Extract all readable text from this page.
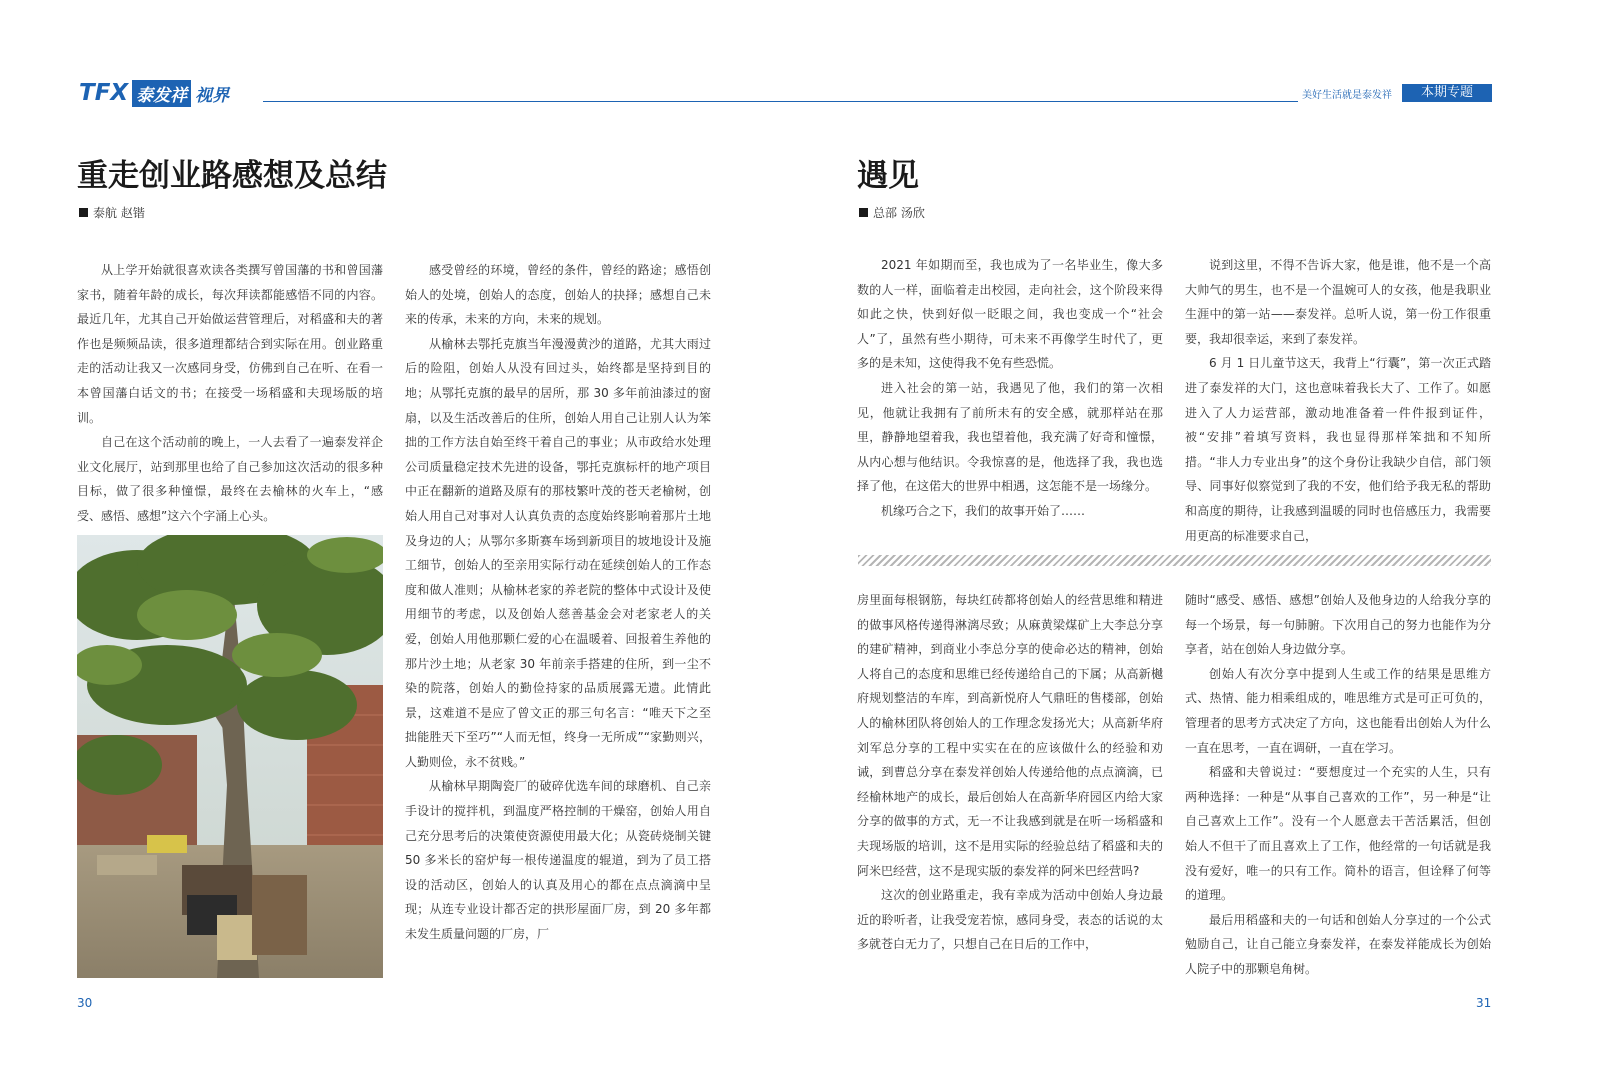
TFX 泰发祥 视界	美好生活就是泰发祥	本期专题
重走创业路感想及总结
泰航 赵锴

从上学开始就很喜欢读各类撰写曾国藩的书和曾国藩家书，随着年龄的成长，每次拜读都能感悟不同的内容。最近几年，尤其自己开始做运营管理后，对稻盛和夫的著作也是频频品读，很多道理都结合到实际在用。创业路重走的活动让我又一次感同身受，仿佛到自己在听、在看一本曾国藩白话文的书；在接受一场稻盛和夫现场版的培训。

自己在这个活动前的晚上，一人去看了一遍泰发祥企业文化展厅，站到那里也给了自己参加这次活动的很多种目标，做了很多种憧憬，最终在去榆林的火车上，“感受、感悟、感想”这六个字涌上心头。

感受曾经的环境，曾经的条件，曾经的路途；感悟创始人的处境，创始人的态度，创始人的抉择；感想自己未来的传承，未来的方向，未来的规划。

从榆林去鄂托克旗当年漫漫黄沙的道路，尤其大雨过后的险阻，创始人从没有回过头，始终都是坚持到目的地；从鄂托克旗的最早的居所，那 30 多年前油漆过的窗扇，以及生活改善后的住所，创始人用自己让别人认为笨拙的工作方法自始至终干着自己的事业；从市政给水处理公司质量稳定技术先进的设备，鄂托克旗标杆的地产项目中正在翻新的道路及原有的那枝繁叶茂的苍天老榆树，创始人用自己对事对人认真负责的态度始终影响着那片土地及身边的人；从鄂尔多斯赛车场到新项目的坡地设计及施工细节，创始人的至亲用实际行动在延续创始人的工作态度和做人准则；从榆林老家的养老院的整体中式设计及使用细节的考虑，以及创始人慈善基金会对老家老人的关爱，创始人用他那颗仁爱的心在温暖着、回报着生养他的那片沙土地；从老家 30 年前亲手搭建的住所，到一尘不染的院落，创始人的勤俭持家的品质展露无遗。此情此景，这难道不是应了曾文正的那三句名言：“唯天下之至拙能胜天下至巧”“人而无恒，终身一无所成”“家勤则兴，人勤则俭，永不贫贱。”

从榆林早期陶瓷厂的破碎优选车间的球磨机、自己亲手设计的搅拌机，到温度严格控制的干燥窑，创始人用自己充分思考后的决策使资源使用最大化；从瓷砖烧制关键 50 多米长的窑炉每一根传递温度的辊道，到为了员工搭设的活动区，创始人的认真及用心的都在点点滴滴中呈现；从连专业设计都否定的拱形屋面厂房，到 20 多年都未发生质量问题的厂房，厂

遇见
总部 汤欣

2021 年如期而至，我也成为了一名毕业生，像大多数的人一样，面临着走出校园，走向社会，这个阶段来得如此之快，快到好似一眨眼之间，我也变成一个“社会人”了，虽然有些小期待，可未来不再像学生时代了，更多的是未知，这使得我不免有些恐慌。

进入社会的第一站，我遇见了他，我们的第一次相见，他就让我拥有了前所未有的安全感，就那样站在那里，静静地望着我，我也望着他，我充满了好奇和憧憬，从内心想与他结识。令我惊喜的是，他选择了我，我也选择了他，在这偌大的世界中相遇，这怎能不是一场缘分。

机缘巧合之下，我们的故事开始了……

说到这里，不得不告诉大家，他是谁，他不是一个高大帅气的男生，也不是一个温婉可人的女孩，他是我职业生涯中的第一站——泰发祥。总听人说，第一份工作很重要，我却很幸运，来到了泰发祥。

6 月 1 日儿童节这天，我背上“行囊”，第一次正式踏进了泰发祥的大门，这也意味着我长大了、工作了。如愿进入了人力运营部，激动地准备着一件件报到证件，被“安排”着填写资料，我也显得那样笨拙和不知所措。“非人力专业出身”的这个身份让我缺少自信，部门领导、同事好似察觉到了我的不安，他们给予我无私的帮助和高度的期待，让我感到温暖的同时也倍感压力，我需要用更高的标准要求自己，

房里面每根钢筋，每块红砖都将创始人的经营思维和精进的做事风格传递得淋漓尽致；从麻黄梁煤矿上大李总分享的建矿精神，到商业小李总分享的使命必达的精神，创始人将自己的态度和思维已经传递给自己的下属；从高新樾府规划整洁的车库，到高新悦府人气鼎旺的售楼部，创始人的榆林团队将创始人的工作理念发扬光大；从高新华府刘军总分享的工程中实实在在的应该做什么的经验和劝诫，到曹总分享在泰发祥创始人传递给他的点点滴滴，已经榆林地产的成长，最后创始人在高新华府园区内给大家分享的做事的方式，无一不让我感到就是在听一场稻盛和夫现场版的培训，这不是用实际的经验总结了稻盛和夫的阿米巴经营，这不是现实版的泰发祥的阿米巴经营吗?

这次的创业路重走，我有幸成为活动中创始人身边最近的聆听者，让我受宠若惊，感同身受，表态的话说的太多就苍白无力了，只想自己在日后的工作中，

随时“感受、感悟、感想”创始人及他身边的人给我分享的每一个场景，每一句肺腑。下次用自己的努力也能作为分享者，站在创始人身边做分享。

创始人有次分享中提到人生或工作的结果是思维方式、热情、能力相乘组成的，唯思维方式是可正可负的，管理者的思考方式决定了方向，这也能看出创始人为什么一直在思考，一直在调研，一直在学习。

稻盛和夫曾说过：“要想度过一个充实的人生，只有两种选择：一种是“从事自己喜欢的工作”，另一种是“让自己喜欢上工作”。没有一个人愿意去干苦活累活，但创始人不但干了而且喜欢上了工作，他经常的一句话就是我没有爱好，唯一的只有工作。简朴的语言，但诠释了何等的道理。

最后用稻盛和夫的一句话和创始人分享过的一个公式勉励自己，让自己能立身泰发祥，在泰发祥能成长为创始人院子中的那颗皂角树。

30	31
